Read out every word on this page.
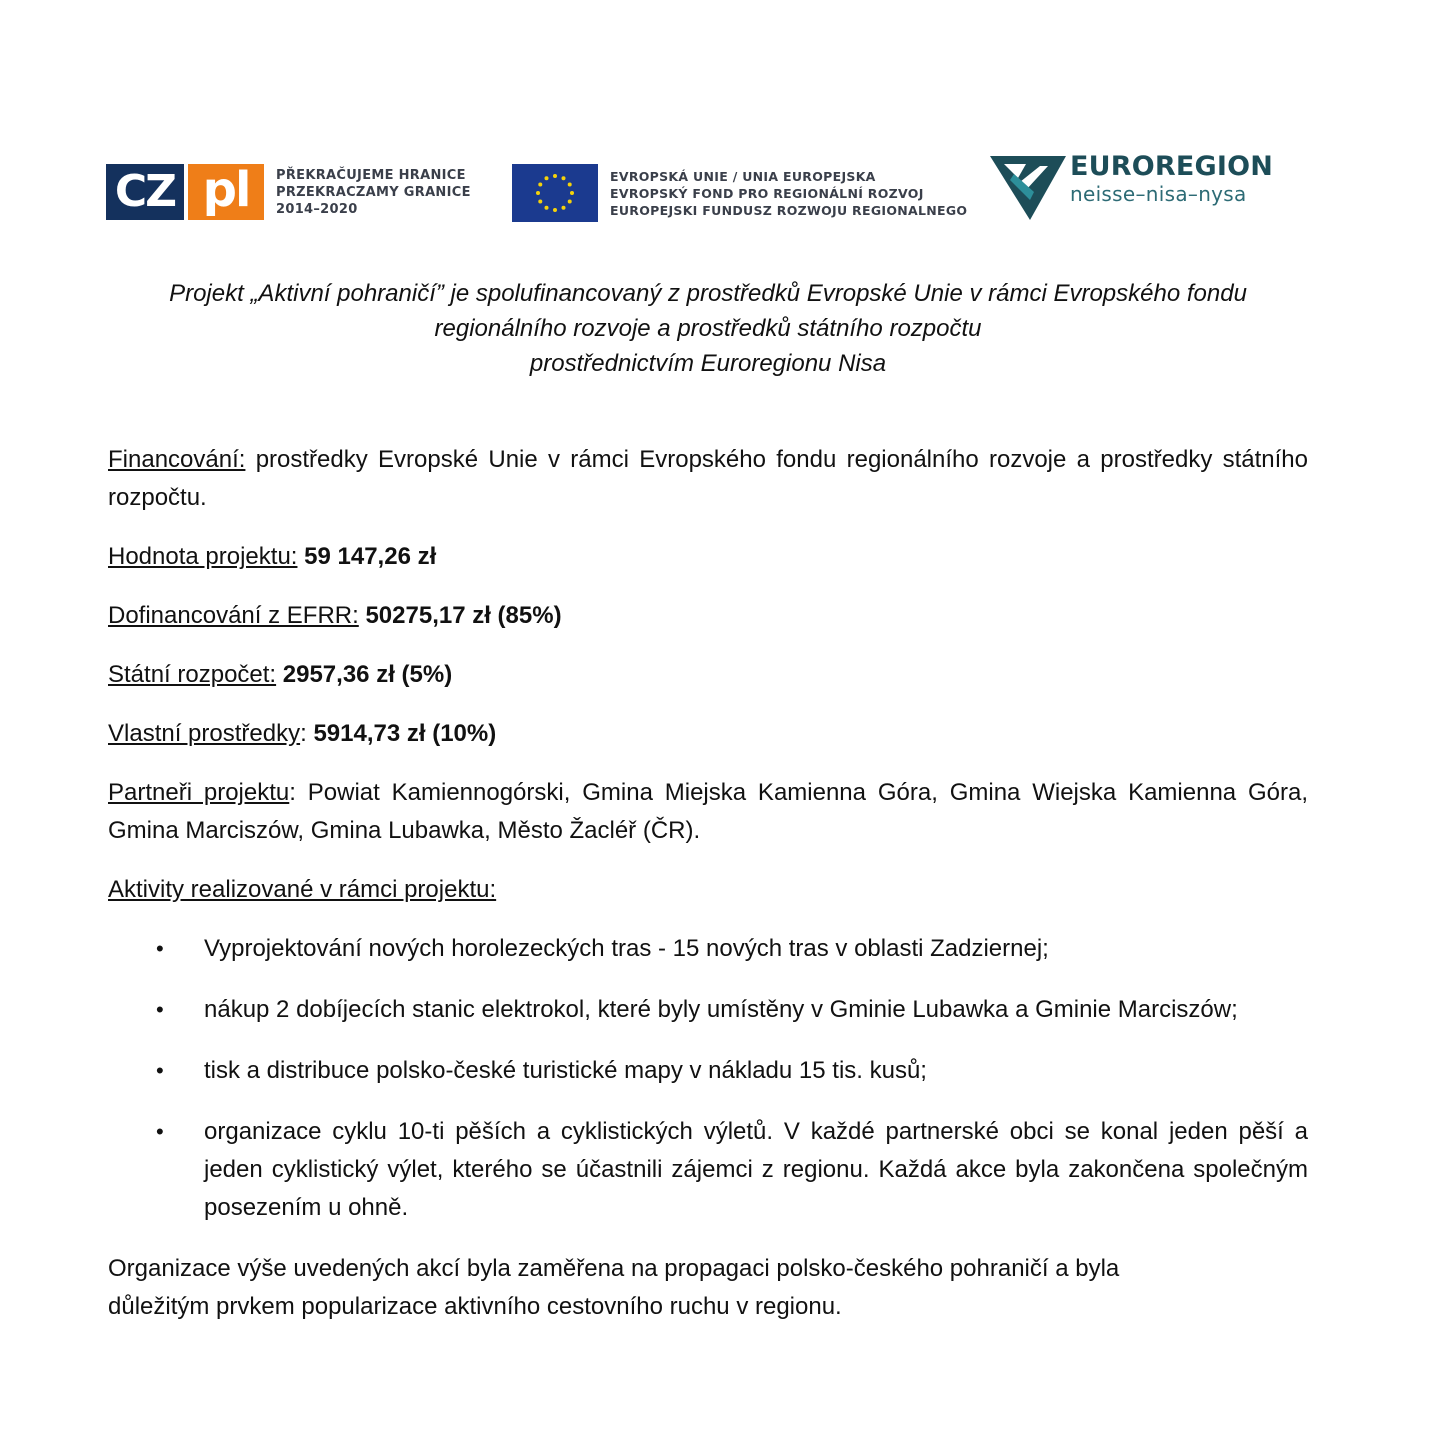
CZ pl	PŘEKRAČUJEME HRANICE
PRZEKRACZAMY GRANICE
2014–2020
EVROPSKÁ UNIE / UNIA EUROPEJSKA
EVROPSKÝ FOND PRO REGIONÁLNÍ ROZVOJ
EUROPEJSKI FUNDUSZ ROZWOJU REGIONALNEGO
EUROREGION
neisse–nisa–nysa
Projekt „Aktivní pohraničí” je spolufinancovaný z prostředků Evropské Unie v rámci Evropského fondu
regionálního rozvoje a prostředků státního rozpočtu
prostřednictvím Euroregionu Nisa

Financování: prostředky Evropské Unie v rámci Evropského fondu regionálního rozvoje a prostředky státního rozpočtu.

Hodnota projektu: 59 147,26 zł

Dofinancování z EFRR: 50275,17 zł (85%)

Státní rozpočet: 2957,36 zł (5%)

Vlastní prostředky: 5914,73 zł (10%)

Partneři projektu: Powiat Kamiennogórski, Gmina Miejska Kamienna Góra, Gmina Wiejska Kamienna Góra, Gmina Marciszów, Gmina Lubawka, Město Žacléř (ČR).

Aktivity realizované v rámci projektu:

• Vyprojektování nových horolezeckých tras - 15 nových tras v oblasti Zadziernej;
• nákup 2 dobíjecích stanic elektrokol, které byly umístěny v Gminie Lubawka a Gminie Marciszów;
• tisk a distribuce polsko-české turistické mapy v nákladu 15 tis. kusů;
• organizace cyklu 10-ti pěších a cyklistických výletů. V každé partnerské obci se konal jeden pěší a jeden cyklistický výlet, kterého se účastnili zájemci z regionu. Každá akce byla zakončena společným posezením u ohně.
Organizace výše uvedených akcí byla zaměřena na propagaci polsko-českého pohraničí a byla
důležitým prvkem popularizace aktivního cestovního ruchu v regionu.
